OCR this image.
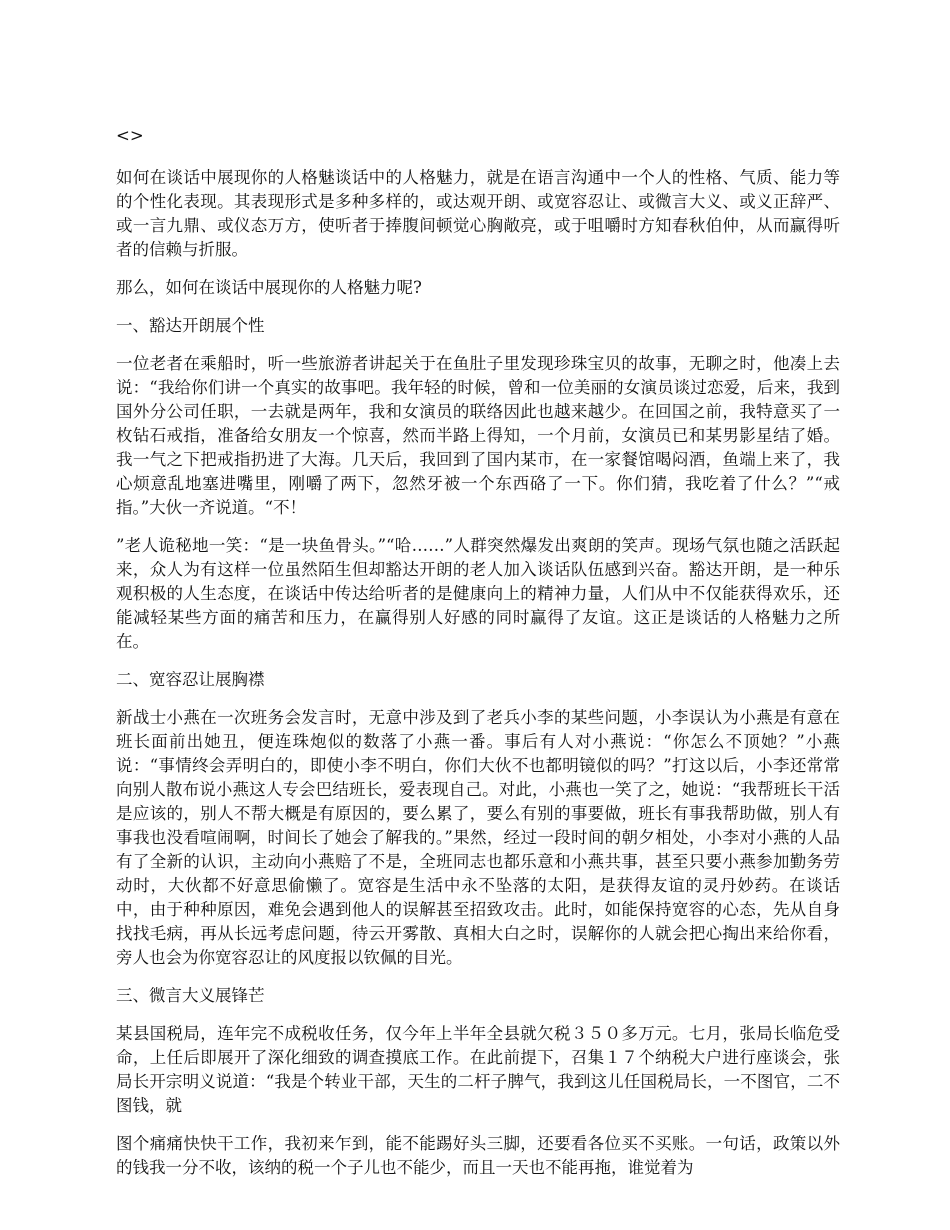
<>

如何在谈话中展现你的人格魅谈话中的人格魅力，就是在语言沟通中一个人的性格、气质、能力等的个性化表现。其表现形式是多种多样的，或达观开朗、或宽容忍让、或微言大义、或义正辞严、或一言九鼎、或仪态万方，使听者于捧腹间顿觉心胸敞亮，或于咀嚼时方知春秋伯仲，从而赢得听者的信赖与折服。

那么，如何在谈话中展现你的人格魅力呢?

一、豁达开朗展个性

一位老者在乘船时，听一些旅游者讲起关于在鱼肚子里发现珍珠宝贝的故事，无聊之时，他凑上去说：“我给你们讲一个真实的故事吧。我年轻的时候，曾和一位美丽的女演员谈过恋爱，后来，我到国外分公司任职，一去就是两年，我和女演员的联络因此也越来越少。在回国之前，我特意买了一枚钻石戒指，准备给女朋友一个惊喜，然而半路上得知，一个月前，女演员已和某男影星结了婚。我一气之下把戒指扔进了大海。几天后，我回到了国内某市，在一家餐馆喝闷酒，鱼端上来了，我心烦意乱地塞进嘴里，刚嚼了两下，忽然牙被一个东西硌了一下。你们猜，我吃着了什么？”“戒指。”大伙一齐说道。“不！

”老人诡秘地一笑：“是一块鱼骨头。”“哈……”人群突然爆发出爽朗的笑声。现场气氛也随之活跃起来，众人为有这样一位虽然陌生但却豁达开朗的老人加入谈话队伍感到兴奋。豁达开朗，是一种乐观积极的人生态度，在谈话中传达给听者的是健康向上的精神力量，人们从中不仅能获得欢乐，还能减轻某些方面的痛苦和压力，在赢得别人好感的同时赢得了友谊。这正是谈话的人格魅力之所在。

二、宽容忍让展胸襟

新战士小燕在一次班务会发言时，无意中涉及到了老兵小李的某些问题，小李误认为小燕是有意在班长面前出她丑，便连珠炮似的数落了小燕一番。事后有人对小燕说：“你怎么不顶她？”小燕说：“事情终会弄明白的，即使小李不明白，你们大伙不也都明镜似的吗？”打这以后，小李还常常向别人散布说小燕这人专会巴结班长，爱表现自己。对此，小燕也一笑了之，她说：“我帮班长干活是应该的，别人不帮大概是有原因的，要么累了，要么有别的事要做，班长有事我帮助做，别人有事我也没看喧闹啊，时间长了她会了解我的。”果然，经过一段时间的朝夕相处，小李对小燕的人品有了全新的认识，主动向小燕赔了不是，全班同志也都乐意和小燕共事，甚至只要小燕参加勤务劳动时，大伙都不好意思偷懒了。宽容是生活中永不坠落的太阳，是获得友谊的灵丹妙药。在谈话中，由于种种原因，难免会遇到他人的误解甚至招致攻击。此时，如能保持宽容的心态，先从自身找找毛病，再从长远考虑问题，待云开雾散、真相大白之时，误解你的人就会把心掏出来给你看，旁人也会为你宽容忍让的风度报以钦佩的目光。

三、微言大义展锋芒

某县国税局，连年完不成税收任务，仅今年上半年全县就欠税３５０多万元。七月，张局长临危受命，上任后即展开了深化细致的调查摸底工作。在此前提下，召集１７个纳税大户进行座谈会，张局长开宗明义说道：“我是个转业干部，天生的二杆子脾气，我到这儿任国税局长，一不图官，二不图钱，就

图个痛痛快快干工作，我初来乍到，能不能踢好头三脚，还要看各位买不买账。一句话，政策以外的钱我一分不收，该纳的税一个子儿也不能少，而且一天也不能再拖，谁觉着为
